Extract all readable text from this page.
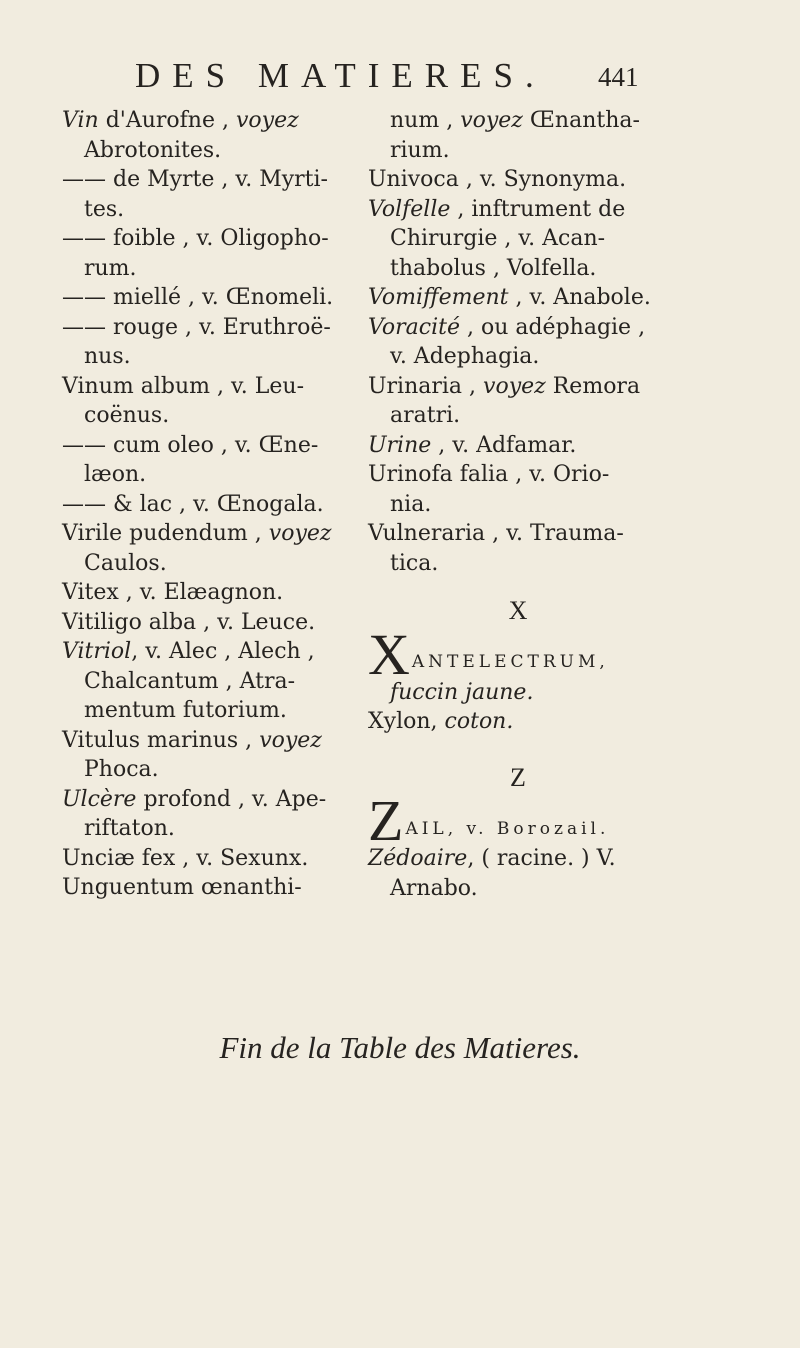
DES MATIERES.	441
Vin d'Aurofne , voyez
Abrotonites.
—— de Myrte , v. Myrti-
tes.
—— foible , v. Oligopho-
rum.
—— miellé , v. Œnomeli.
—— rouge , v. Eruthroë-
nus.
Vinum album , v. Leu-
coënus.
—— cum oleo , v. Œne-
læon.
—— & lac , v. Œnogala.
Virile pudendum , voyez
Caulos.
Vitex , v. Elæagnon.
Vitiligo alba , v. Leuce.
Vitriol, v. Alec , Alech ,
Chalcantum , Atra-
mentum futorium.
Vitulus marinus , voyez
Phoca.
Ulcère profond , v. Ape-
riftaton.
Unciæ fex , v. Sexunx.
Unguentum œnanthi-
num , voyez Œnantha-
rium.
Univoca , v. Synonyma.
Volfelle , inftrument de
Chirurgie , v. Acan-
thabolus , Volfella.
Vomiffement , v. Anabole.
Voracité , ou adéphagie ,
v. Adephagia.
Urinaria , voyez Remora
aratri.
Urine , v. Adfamar.
Urinofa falia , v. Orio-
nia.
Vulneraria , v. Trauma-
tica.
X
X ANTELECTRUM,
fuccin jaune.
Xylon, coton.
Z
Z AIL, v. Borozail.
Zédoaire, ( racine. ) V.
Arnabo.
Fin de la Table des Matieres.
